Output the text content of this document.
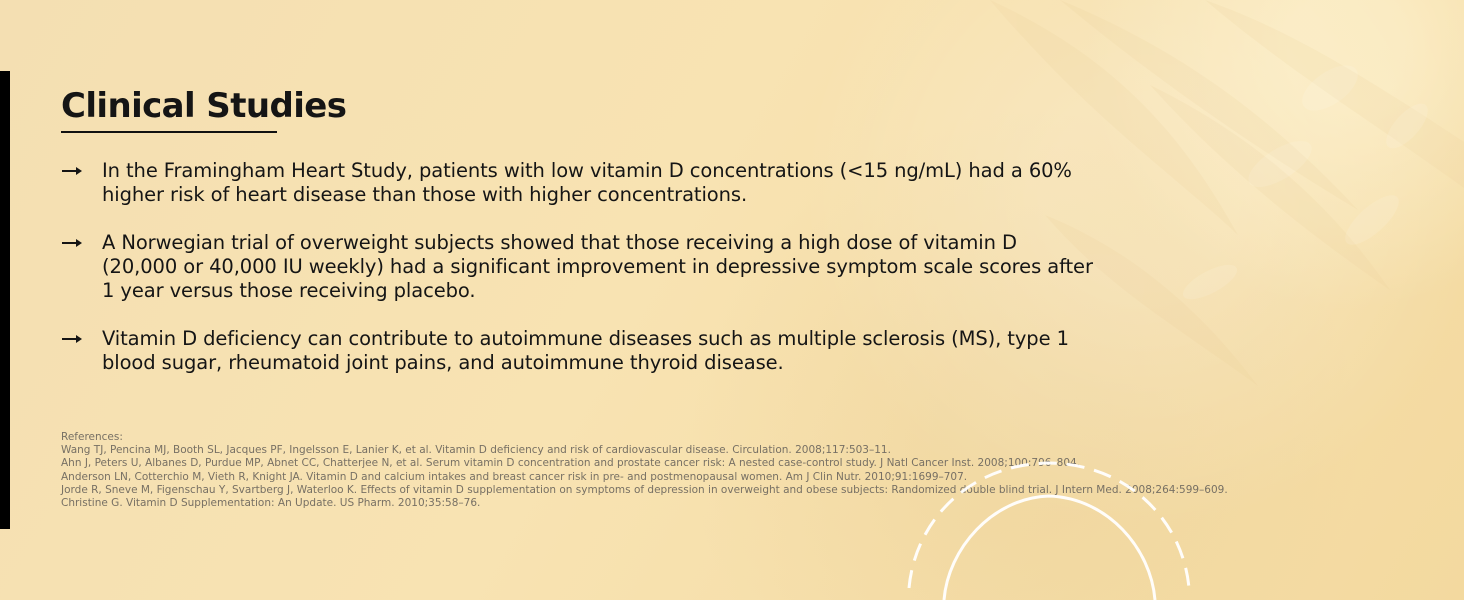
Clinical Studies
In the Framingham Heart Study, patients with low vitamin D concentrations (<15 ng/mL) had a 60%
higher risk of heart disease than those with higher concentrations.
A Norwegian trial of overweight subjects showed that those receiving a high dose of vitamin D
(20,000 or 40,000 IU weekly) had a significant improvement in depressive symptom scale scores after
1 year versus those receiving placebo.
Vitamin D deficiency can contribute to autoimmune diseases such as multiple sclerosis (MS), type 1
blood sugar, rheumatoid joint pains, and autoimmune thyroid disease.
References:
Wang TJ, Pencina MJ, Booth SL, Jacques PF, Ingelsson E, Lanier K, et al. Vitamin D deficiency and risk of cardiovascular disease. Circulation. 2008;117:503–11.
Ahn J, Peters U, Albanes D, Purdue MP, Abnet CC, Chatterjee N, et al. Serum vitamin D concentration and prostate cancer risk: A nested case-control study. J Natl Cancer Inst. 2008;100:796–804.
Anderson LN, Cotterchio M, Vieth R, Knight JA. Vitamin D and calcium intakes and breast cancer risk in pre- and postmenopausal women. Am J Clin Nutr. 2010;91:1699–707.
Jorde R, Sneve M, Figenschau Y, Svartberg J, Waterloo K. Effects of vitamin D supplementation on symptoms of depression in overweight and obese subjects: Randomized double blind trial. J Intern Med. 2008;264:599–609.
Christine G. Vitamin D Supplementation: An Update. US Pharm. 2010;35:58–76.
